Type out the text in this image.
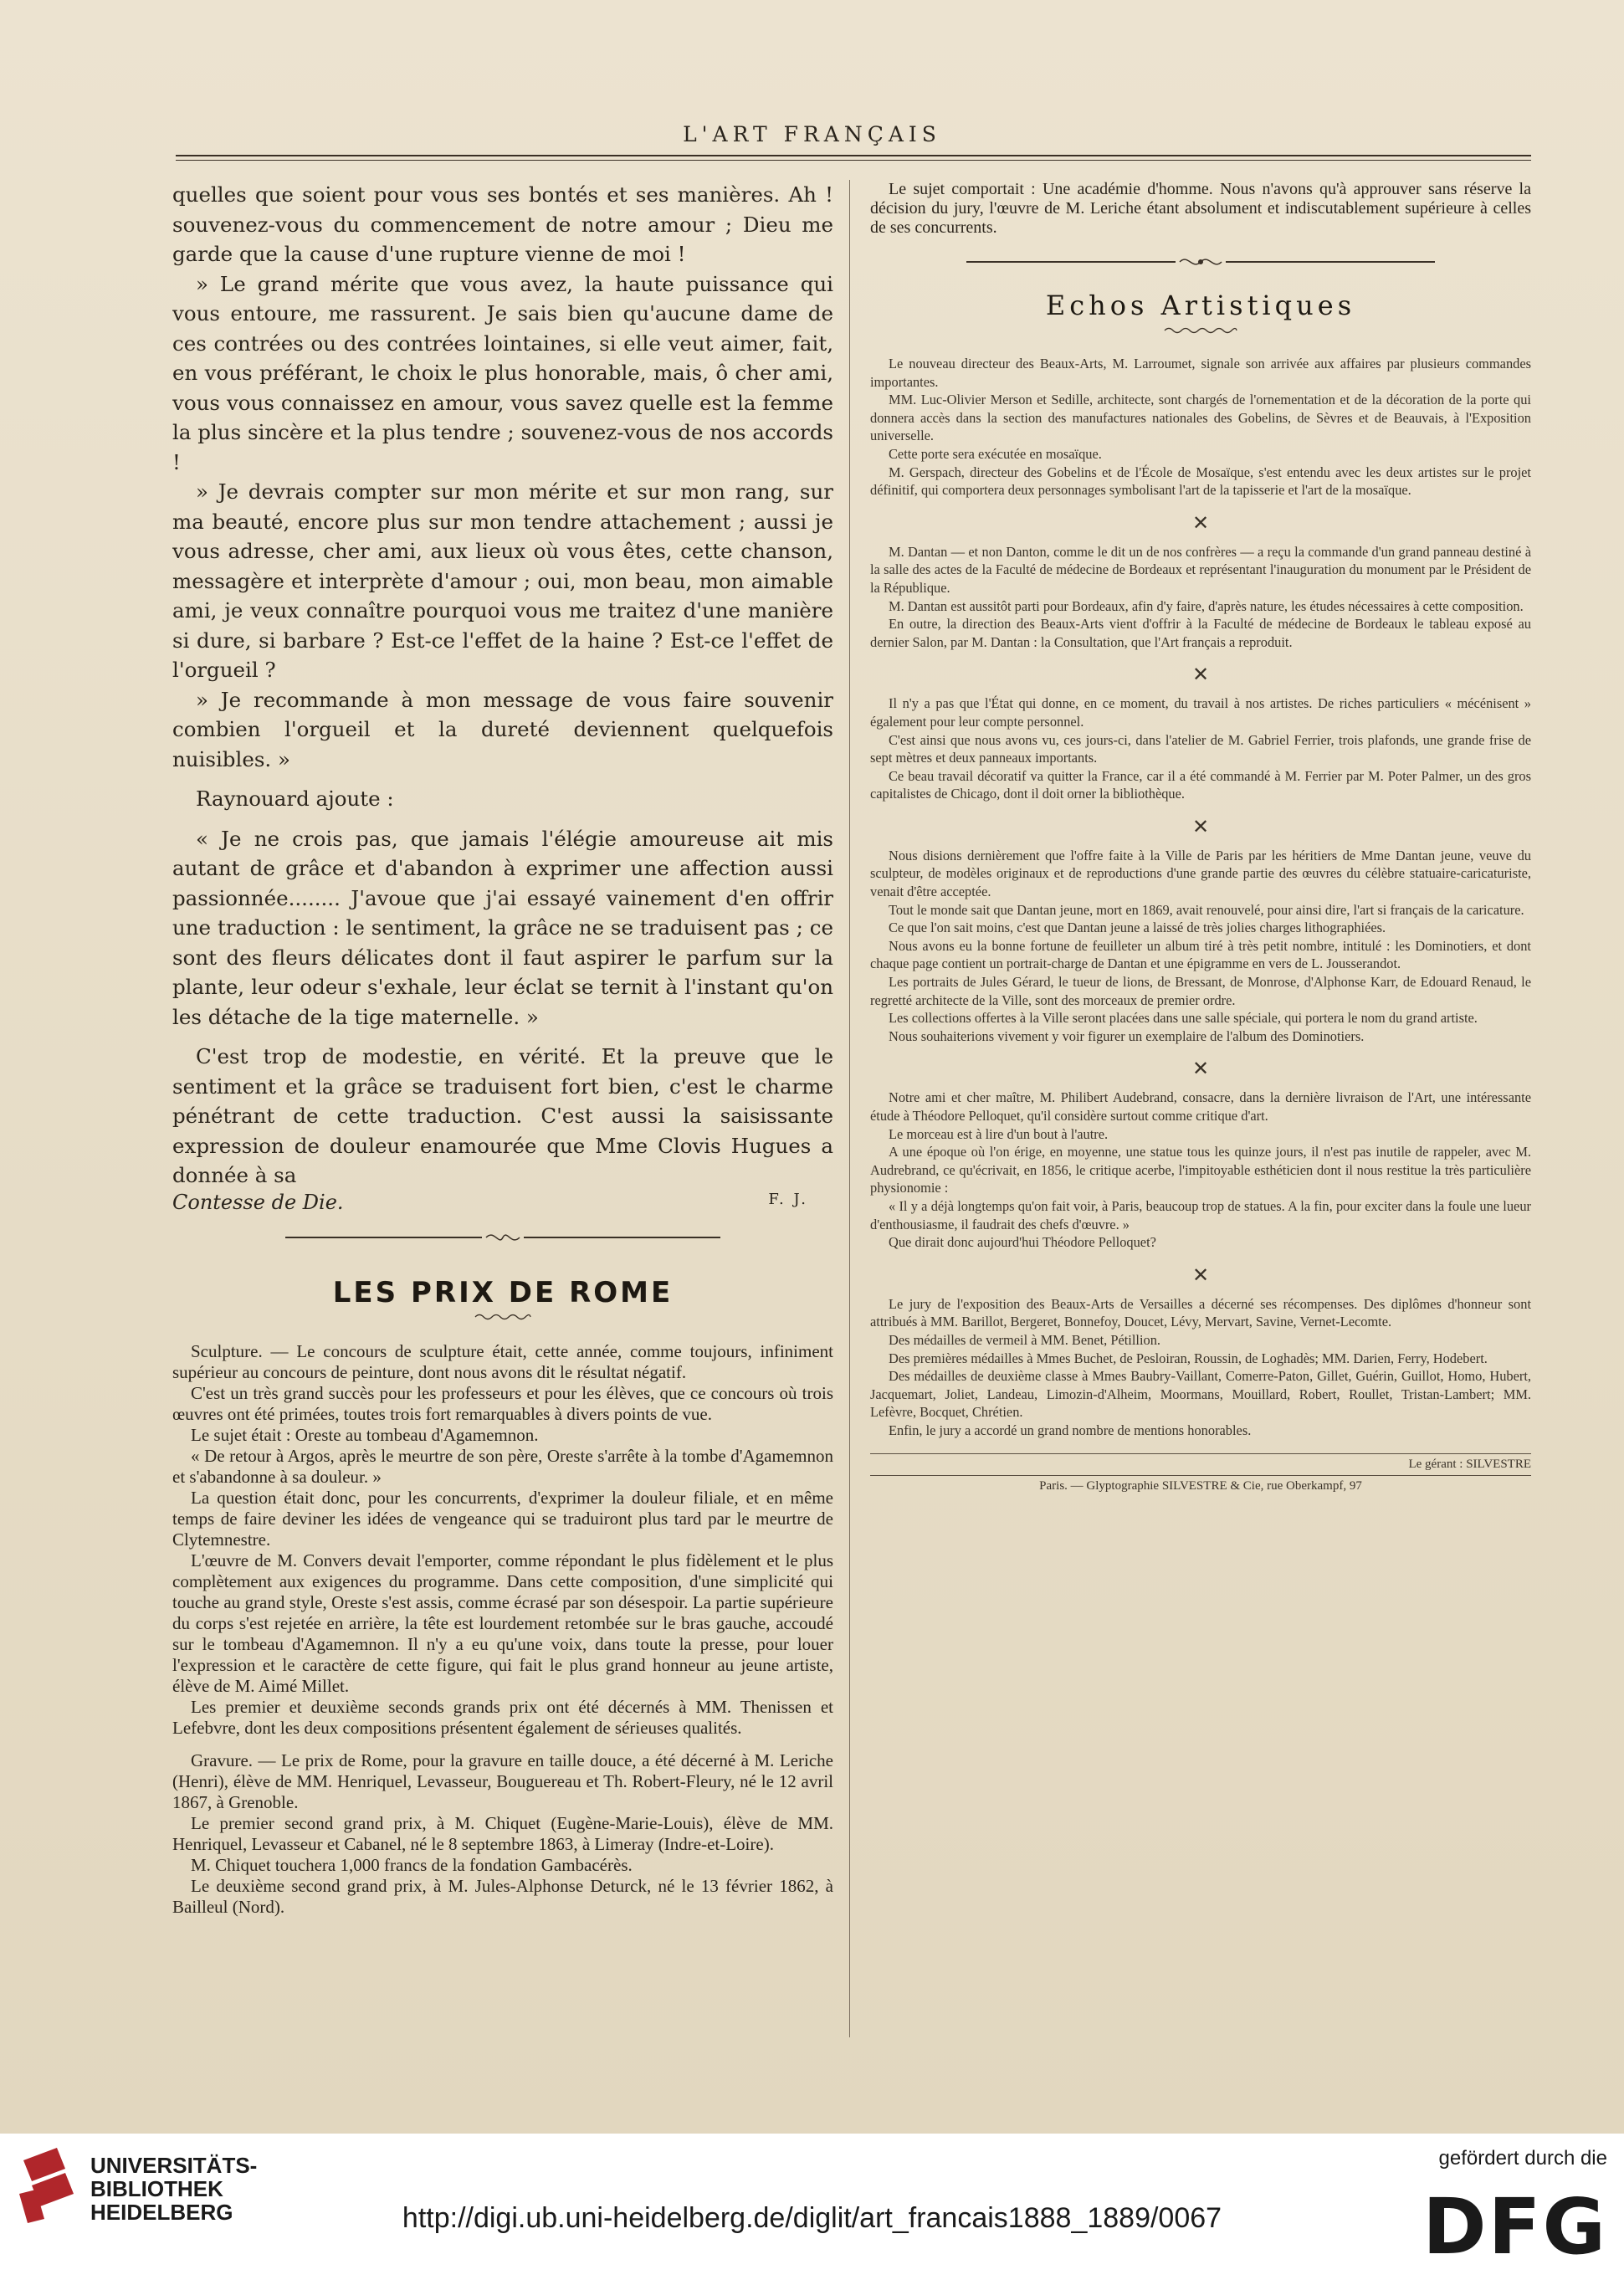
L'ART FRANÇAIS

quelles que soient pour vous ses bontés et ses manières. Ah ! souvenez-vous du commencement de notre amour ; Dieu me garde que la cause d'une rupture vienne de moi !

» Le grand mérite que vous avez, la haute puissance qui vous entoure, me rassurent. Je sais bien qu'aucune dame de ces contrées ou des contrées lointaines, si elle veut aimer, fait, en vous préférant, le choix le plus honorable, mais, ô cher ami, vous vous connaissez en amour, vous savez quelle est la femme la plus sincère et la plus tendre ; souvenez-vous de nos accords !

» Je devrais compter sur mon mérite et sur mon rang, sur ma beauté, encore plus sur mon tendre attachement ; aussi je vous adresse, cher ami, aux lieux où vous êtes, cette chanson, messagère et interprète d'amour ; oui, mon beau, mon aimable ami, je veux connaître pourquoi vous me traitez d'une manière si dure, si barbare ? Est-ce l'effet de la haine ? Est-ce l'effet de l'orgueil ?

» Je recommande à mon message de vous faire souvenir combien l'orgueil et la dureté deviennent quelquefois nuisibles. »

Raynouard ajoute :

« Je ne crois pas, que jamais l'élégie amoureuse ait mis autant de grâce et d'abandon à exprimer une affection aussi passionnée........ J'avoue que j'ai essayé vainement d'en offrir une traduction : le sentiment, la grâce ne se traduisent pas ; ce sont des fleurs délicates dont il faut aspirer le parfum sur la plante, leur odeur s'exhale, leur éclat se ternit à l'instant qu'on les détache de la tige maternelle. »

C'est trop de modestie, en vérité. Et la preuve que le sentiment et la grâce se traduisent fort bien, c'est le charme pénétrant de cette traduction. C'est aussi la saisissante expression de douleur enamourée que Mme Clovis Hugues a donnée à sa

Contesse de Die.	F. J.
LES PRIX DE ROME

Sculpture. — Le concours de sculpture était, cette année, comme toujours, infiniment supérieur au concours de peinture, dont nous avons dit le résultat négatif.

C'est un très grand succès pour les professeurs et pour les élèves, que ce concours où trois œuvres ont été primées, toutes trois fort remarquables à divers points de vue.

Le sujet était : Oreste au tombeau d'Agamemnon.

« De retour à Argos, après le meurtre de son père, Oreste s'arrête à la tombe d'Agamemnon et s'abandonne à sa douleur. »

La question était donc, pour les concurrents, d'exprimer la douleur filiale, et en même temps de faire deviner les idées de vengeance qui se traduiront plus tard par le meurtre de Clytemnestre.

L'œuvre de M. Convers devait l'emporter, comme répondant le plus fidèlement et le plus complètement aux exigences du programme. Dans cette composition, d'une simplicité qui touche au grand style, Oreste s'est assis, comme écrasé par son désespoir. La partie supérieure du corps s'est rejetée en arrière, la tête est lourdement retombée sur le bras gauche, accoudé sur le tombeau d'Agamemnon. Il n'y a eu qu'une voix, dans toute la presse, pour louer l'expression et le caractère de cette figure, qui fait le plus grand honneur au jeune artiste, élève de M. Aimé Millet.

Les premier et deuxième seconds grands prix ont été décernés à MM. Thenissen et Lefebvre, dont les deux compositions présentent également de sérieuses qualités.

Gravure. — Le prix de Rome, pour la gravure en taille douce, a été décerné à M. Leriche (Henri), élève de MM. Henriquel, Levasseur, Bouguereau et Th. Robert-Fleury, né le 12 avril 1867, à Grenoble.

Le premier second grand prix, à M. Chiquet (Eugène-Marie-Louis), élève de MM. Henriquel, Levasseur et Cabanel, né le 8 septembre 1863, à Limeray (Indre-et-Loire).

M. Chiquet touchera 1,000 francs de la fondation Gambacérès.

Le deuxième second grand prix, à M. Jules-Alphonse Deturck, né le 13 février 1862, à Bailleul (Nord).

Le sujet comportait : Une académie d'homme. Nous n'avons qu'à approuver sans réserve la décision du jury, l'œuvre de M. Leriche étant absolument et indiscutablement supérieure à celles de ses concurrents.

Echos Artistiques

Le nouveau directeur des Beaux-Arts, M. Larroumet, signale son arrivée aux affaires par plusieurs commandes importantes.

MM. Luc-Olivier Merson et Sedille, architecte, sont chargés de l'ornementation et de la décoration de la porte qui donnera accès dans la section des manufactures nationales des Gobelins, de Sèvres et de Beauvais, à l'Exposition universelle.

Cette porte sera exécutée en mosaïque.

M. Gerspach, directeur des Gobelins et de l'École de Mosaïque, s'est entendu avec les deux artistes sur le projet définitif, qui comportera deux personnages symbolisant l'art de la tapisserie et l'art de la mosaïque.

✕

M. Dantan — et non Danton, comme le dit un de nos confrères — a reçu la commande d'un grand panneau destiné à la salle des actes de la Faculté de médecine de Bordeaux et représentant l'inauguration du monument par le Président de la République.

M. Dantan est aussitôt parti pour Bordeaux, afin d'y faire, d'après nature, les études nécessaires à cette composition.

En outre, la direction des Beaux-Arts vient d'offrir à la Faculté de médecine de Bordeaux le tableau exposé au dernier Salon, par M. Dantan : la Consultation, que l'Art français a reproduit.

✕

Il n'y a pas que l'État qui donne, en ce moment, du travail à nos artistes. De riches particuliers « mécénisent » également pour leur compte personnel.

C'est ainsi que nous avons vu, ces jours-ci, dans l'atelier de M. Gabriel Ferrier, trois plafonds, une grande frise de sept mètres et deux panneaux importants.

Ce beau travail décoratif va quitter la France, car il a été commandé à M. Ferrier par M. Poter Palmer, un des gros capitalistes de Chicago, dont il doit orner la bibliothèque.

✕

Nous disions dernièrement que l'offre faite à la Ville de Paris par les héritiers de Mme Dantan jeune, veuve du sculpteur, de modèles originaux et de reproductions d'une grande partie des œuvres du célèbre statuaire-caricaturiste, venait d'être acceptée.

Tout le monde sait que Dantan jeune, mort en 1869, avait renouvelé, pour ainsi dire, l'art si français de la caricature.

Ce que l'on sait moins, c'est que Dantan jeune a laissé de très jolies charges lithographiées.

Nous avons eu la bonne fortune de feuilleter un album tiré à très petit nombre, intitulé : les Dominotiers, et dont chaque page contient un portrait-charge de Dantan et une épigramme en vers de L. Jousserandot.

Les portraits de Jules Gérard, le tueur de lions, de Bressant, de Monrose, d'Alphonse Karr, de Edouard Renaud, le regretté architecte de la Ville, sont des morceaux de premier ordre.

Les collections offertes à la Ville seront placées dans une salle spéciale, qui portera le nom du grand artiste.

Nous souhaiterions vivement y voir figurer un exemplaire de l'album des Dominotiers.

✕

Notre ami et cher maître, M. Philibert Audebrand, consacre, dans la dernière livraison de l'Art, une intéressante étude à Théodore Pelloquet, qu'il considère surtout comme critique d'art.

Le morceau est à lire d'un bout à l'autre.

A une époque où l'on érige, en moyenne, une statue tous les quinze jours, il n'est pas inutile de rappeler, avec M. Audrebrand, ce qu'écrivait, en 1856, le critique acerbe, l'impitoyable esthéticien dont il nous restitue la très particulière physionomie :

« Il y a déjà longtemps qu'on fait voir, à Paris, beaucoup trop de statues. A la fin, pour exciter dans la foule une lueur d'enthousiasme, il faudrait des chefs d'œuvre. »

Que dirait donc aujourd'hui Théodore Pelloquet?

✕

Le jury de l'exposition des Beaux-Arts de Versailles a décerné ses récompenses. Des diplômes d'honneur sont attribués à MM. Barillot, Bergeret, Bonnefoy, Doucet, Lévy, Mervart, Savine, Vernet-Lecomte.

Des médailles de vermeil à MM. Benet, Pétillion.

Des premières médailles à Mmes Buchet, de Pesloiran, Roussin, de Loghadès; MM. Darien, Ferry, Hodebert.

Des médailles de deuxième classe à Mmes Baubry-Vaillant, Comerre-Paton, Gillet, Guérin, Guillot, Homo, Hubert, Jacquemart, Joliet, Landeau, Limozin-d'Alheim, Moormans, Mouillard, Robert, Roullet, Tristan-Lambert; MM. Lefèvre, Bocquet, Chrétien.

Enfin, le jury a accordé un grand nombre de mentions honorables.

Le gérant : SILVESTRE
Paris. — Glyptographie SILVESTRE & Cie, rue Oberkampf, 97
UNIVERSITÄTS-
BIBLIOTHEK
HEIDELBERG	http://digi.ub.uni-heidelberg.de/diglit/art_francais1888_1889/0067
gefördert durch die
DFG
